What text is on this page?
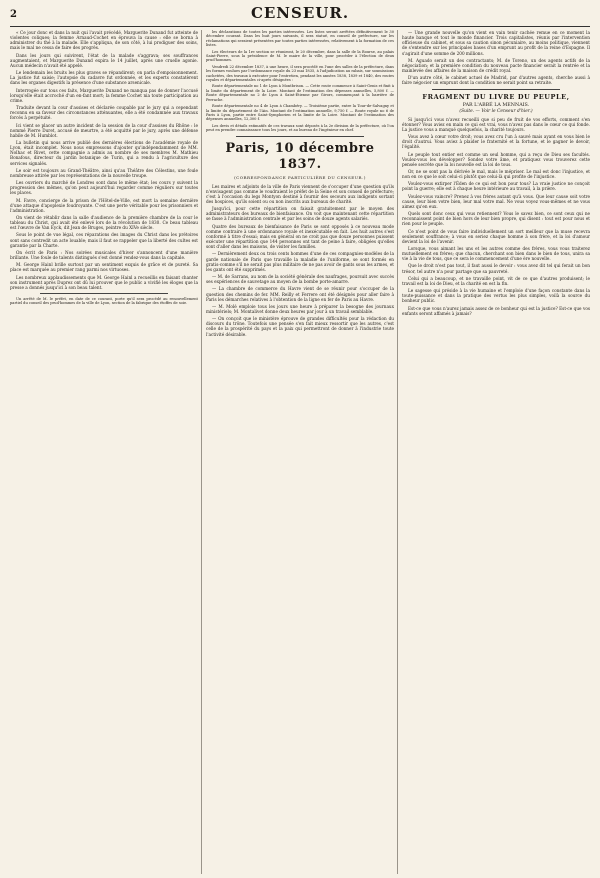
2	CENSEUR.

« Ce jour donc et dans la nuit qui l'avait précédé, Marguerite Dunand fut atteinte de violentes coliques; la femme Arnaud-Cochet en éprouva la cause : elle se borna à administrer du thé à la malade. Elle s'appliqua, de son côté, à lui prodiguer des soins, mais le mal ne cessa de faire des progrès.

Dans les jours qui suivirent, l'état de la malade s'aggrava; ses souffrances augmentaient, et Marguerite Dunand expira le 14 juillet, après une cruelle agonie. Aucun médecin n'avait été appelé.

Le lendemain les bruits les plus graves se répandirent; on parla d'empoisonnement. La justice fut saisie; l'autopsie du cadavre fut ordonnée, et les experts constatèrent dans les organes digestifs la présence d'une substance arsenicale.

Interrogée sur tous ces faits, Marguerite Dunand ne manqua pas de donner l'accusé lorsqu'elle était accroché d'un en-fant mort; la femme Cochet nia toute participation au crime.

Traduite devant la cour d'assises et déclarée coupable par le jury qui a cependant reconnu en sa faveur des circonstances atténuantes, elle a été condamnée aux travaux forcés à perpétuité.

Ici vient se placer un autre incident de la session de la cour d'assises du Rhône : le nommé Pierre Duret, accusé de meurtre, a été acquitté par le jury, après une défense habile de M. Humblot.

La bulletin qui nous arrive publié des dernières élections de l'académie royale de Lyon, était incomplet. Nous nous empressons d'ajouter qu'indépendamment de MM. Nolhac et Rivet, cette compagnie a admis au nombre de ses membres M. Mathieu Bonafous, directeur du jardin botanique de Turin, qui a rendu à l'agriculture des services signalés.

Le soir est toujours au Grand-Théâtre, ainsi qu'au Théâtre des Célestins, une foule nombreuse attirée par les représentations de la nouvelle troupe.

Les ouvriers du marché de Londres sont dans le même état; les cours y suivent la progression des mêmes, qu'on peut aujourd'hui regarder comme réguliers sur toutes les places.

M. Favre, concierge de la prison de l'Hôtel-de-Ville, est mort la semaine dernière d'une attaque d'apoplexie foudroyante. C'est une perte véritable pour les prisonniers et l'administration.

On vient de rétablir dans la salle d'audience de la première chambre de la cour le tableau du Christ, qui avait été enlevé lors de la révolution de 1830. Ce beau tableau est l'œuvre de Van Eyck, dit Jean de Bruges, peintre du XIVe siècle.

Sous le point de vue légal, ces réparations des images du Christ dans les prétoires sont sans contredit un acte louable; mais il faut se rappeler que la liberté des cultes est garantie par la Charte.

On écrit de Paris : Nos soirées musicales d'hiver s'annoncent d'une manière brillante. Une foule de talents distingués s'est donné rendez-vous dans la capitale.

M. George Hainl brille surtout par un sentiment exquis de grâce et de pureté. Sa place est marquée au premier rang parmi nos virtuoses.

Les nombreux applaudissements que M. George Hainl a recueillis en faisant chanter son instrument après Duprez ont dû lui prouver que le public a vivifié les éloges que la presse a donnés jusqu'ici à son beau talent.

Un arrêté de M. le préfet, en date de ce courant, porte qu'il sera procédé au renouvellement partiel du conseil des prud'hommes de la ville de Lyon, section de la fabrique des étoffes de soie.

les déclarations de toutes les parties intéressées. Les listes seront arrêtées définitivement le 30 décembre courant. Dans les huit jours suivants, il sera statué, en conseil de préfecture, sur les réclamations qui seraient présentées par toutes parties intéressées, relativement à la formation de ces listes.

Les électeurs de la 1re section se réuniront, le 20 décembre, dans la salle de la Bourse, au palais Saint-Pierre, sous la présidence de M. le maire de la ville, pour procéder à l'élection de deux prud'hommes.

Vendredi 22 décembre 1837, à une heure, il sera procédé en l'une des salles de la préfecture, dans les formes voulues par l'ordonnance royale du 23 mai 1835, à l'adjudication au rabais, sur soumissions cachetées, des travaux à exécuter pour l'entretien, pendant les années 1838, 1839 et 1840, des routes royales et départementales ci-après désignées :

Route départementale no 1 de Lyon à Montbrison. — Cette route commence à Saint-Genis et finit à la limite du département de la Loire. Montant de l'estimation des dépenses annuelles, 5,800 f. — Route départementale no 2 de Lyon à Saint-Étienne par Givors, commençant à la barrière de Perrache.

Route départementale no 4 de Lyon à Chambéry. — Troisième partie, entre la Tour-de-Salvagny et la limite du département de l'Ain. Montant de l'estimation annuelle, 9,750 f. — Route royale no 6 de Paris à Lyon, partie entre Saint-Symphorien et la limite de la Loire. Montant de l'estimation des dépenses annuelles, 12,300 f.

Les devis et détails estimatifs de ces travaux sont déposés à la 2e division de la préfecture, où l'on peut en prendre connaissance tous les jours, et au bureau de l'ingénieur en chef.

Paris, 10 décembre 1837.
(CORRESPONDANCE PARTICULIÈRE DU CENSEUR.)

Les maires et adjoints de la ville de Paris viennent de s'occuper d'une question qu'ils n'envisagent pas comme le voudraient le préfet de la Seine et son conseil de préfecture; c'est à l'occasion du legs Montyon destiné à fournir des secours aux indigents sortant des hospices, qu'ils soient ou ou non inscrits aux bureaux de charité.

Jusqu'ici, pour cette répartition on faisait gratuitement par le moyen des administrateurs des bureaux de bienfaisance. On voit que maintenant cette répartition se fasse à l'administration centrale et par les soins de douze agents salariés.

Quatre des bureaux de bienfaisance de Paris se sont opposés à ce nouveau mode comme contraire à une ordonnance royale et inexécutable en fait. Les huit autres s'est conformé à titre d'essai; mais en général on ne croit pas que douze personnes puissent exécuter une répartition que 144 personnes ont tant de peine à faire, obligées qu'elles sont d'aller dans les maisons, de visiter les familles.

— Dernièrement deux ou trois cents hommes d'une de ces compagnies-modèles de la garde nationale de Paris que travaille la maladie de l'uniforme, se sont formés en gratis-comme s'il ne serait pas plus militaire de ne pas avoir de gants sous les armes, et les gants ont été supprimés.

— M. de Sarrans, au nom de la société générale des naufrages, poursuit avec succès ses expériences de sauvetage au moyen de la bombe porte-amarre.

— La chambre de commerce du Havre vient de se réunir pour s'occuper de la question des chemins de fer. MM. Reilly et Ferrere ont été désignés pour aller faire à Paris les démarches relatives à l'obtention de la ligne en fer de Paris au Havre.

— M. Molé emploie tous les jours une heure à préparer la besogne des journaux ministériels; M. Montalivet donne deux heures par jour à un travail semblable.

— On conçoit que le ministère éprouve de grandes difficultés pour la rédaction du discours du trône. Toutefois une pensée s'en fait mieux ressortir que les autres, c'est celle de la prospérité du pays et la paix qui permettront de donner à l'industrie toute l'activité désirable.

— Une grande nouvelle qu'on vient en vain tenir cachée remue en ce moment la haute banque et tout le monde financier. Trois capitalistes, réunis par l'intervention officieuse du cabinet, et sous sa caution sinon pécuniaire, au moins politique, viennent de s'entendre sur les principales bases d'un emprunt au profit de la reine d'Espagne. Il s'agirait d'une somme de 200 millions.

M. Aguado serait un des contractants; M. de Toreno, un des agents actifs de la négociation; et la première condition du nouveau pacte financier serait la rentrée et la mainlevée des affaires de la maison de crédit royal.

D'un autre côté, le cabinet actuel de Madrid, par d'autres agents, cherche aussi à faire négocier un emprunt dont la condition ne serait point sa retraite.

FRAGMENT DU LIVRE DU PEUPLE,
PAR L'ABBÉ LA MENNAIS.
(Suite. — Voir le Censeur d'hier.)

Si jusqu'ici vous n'avez recueilli que si peu de fruit de vos efforts, comment s'en étonner? Vous aviez en main ce qui est vrai, vous n'avez pas dans le cœur ce qui fonde. La justice vous a manqué quelquefois, la charité toujours.

Vous avez à cœur votre droit; vous avez cru l'un à sauvé mais ayant en vous bien le droit d'autrui. Vous aviez à plaider le fraternité et la fortune, et le gagner le devoir, l'égalité.

Le peuple tout entier est comme un seul homme, qui a reçu de Dieu ses facultés. Voulez-vous les développer? Sondez votre âme, et pratiquez vous trouverez cette pensée secrète que la loi nouvelle est la loi de tous.

Or, ne se sont pas la dérivée le mal, mais le mépriser. Le mal est donc l'injustice, et non en ce que le soit celui-ci plutôt que celui-là qui profite de l'injustice.

Voulez-vous extirper l'Éden de ce qui est bon pour tous? La vraie justice ne conçoit point la guerre; elle est à chaque heure intérieure au travail, à la prière.

Voulez-vous vaincre? Prenez à vos frères autant qu'à vous. Que leur cause soit votre cause, leur bien votre bien, leur mal votre mal. Ne vous voyez vous-mêmes et ne vous aimez qu'en eux.

Quels sont donc ceux qui vous retiennent? Vous le savez bien, ce sont ceux qui ne reconnaissent point de bien hors de leur bien propre, qui disent : tout est pour nous et rien pour le peuple.

Ce n'est point de vous faire individuellement un sort meilleur que la muse recevra seulement souffrance; à vous en seriez chaque homme à son frère, et la loi d'amour devient la loi de l'avenir.

Lorsque, vous aimant les uns et les autres comme des frères, vous vous traiterez mutuellement en frères; que chacun, cherchant son bien dans le bien de tous, unira sa vie à la vie de tous, que ce sera le commencement d'une ère nouvelle.

Que le droit n'est pas tout, il faut aussi le devoir : vous avez dit tel qui ferait un bon trésor, tel autre n'a pour partage que sa pauvreté.

Celui qui a beaucoup, et ne travaille point, vit de ce que d'autres produisent; le travail est la loi de Dieu, et la charité en est la fin.

Le sagesse qui préside à la vie humaine et l'emploie d'une façon constante dans la toute-puissance et dans la pratique des vertus les plus simples, voilà la source du bonheur public.

Est-ce que vous n'aurez jamais assez de ce bonheur qui est la justice? Est-ce que vos enfants seront affamés à jamais?
